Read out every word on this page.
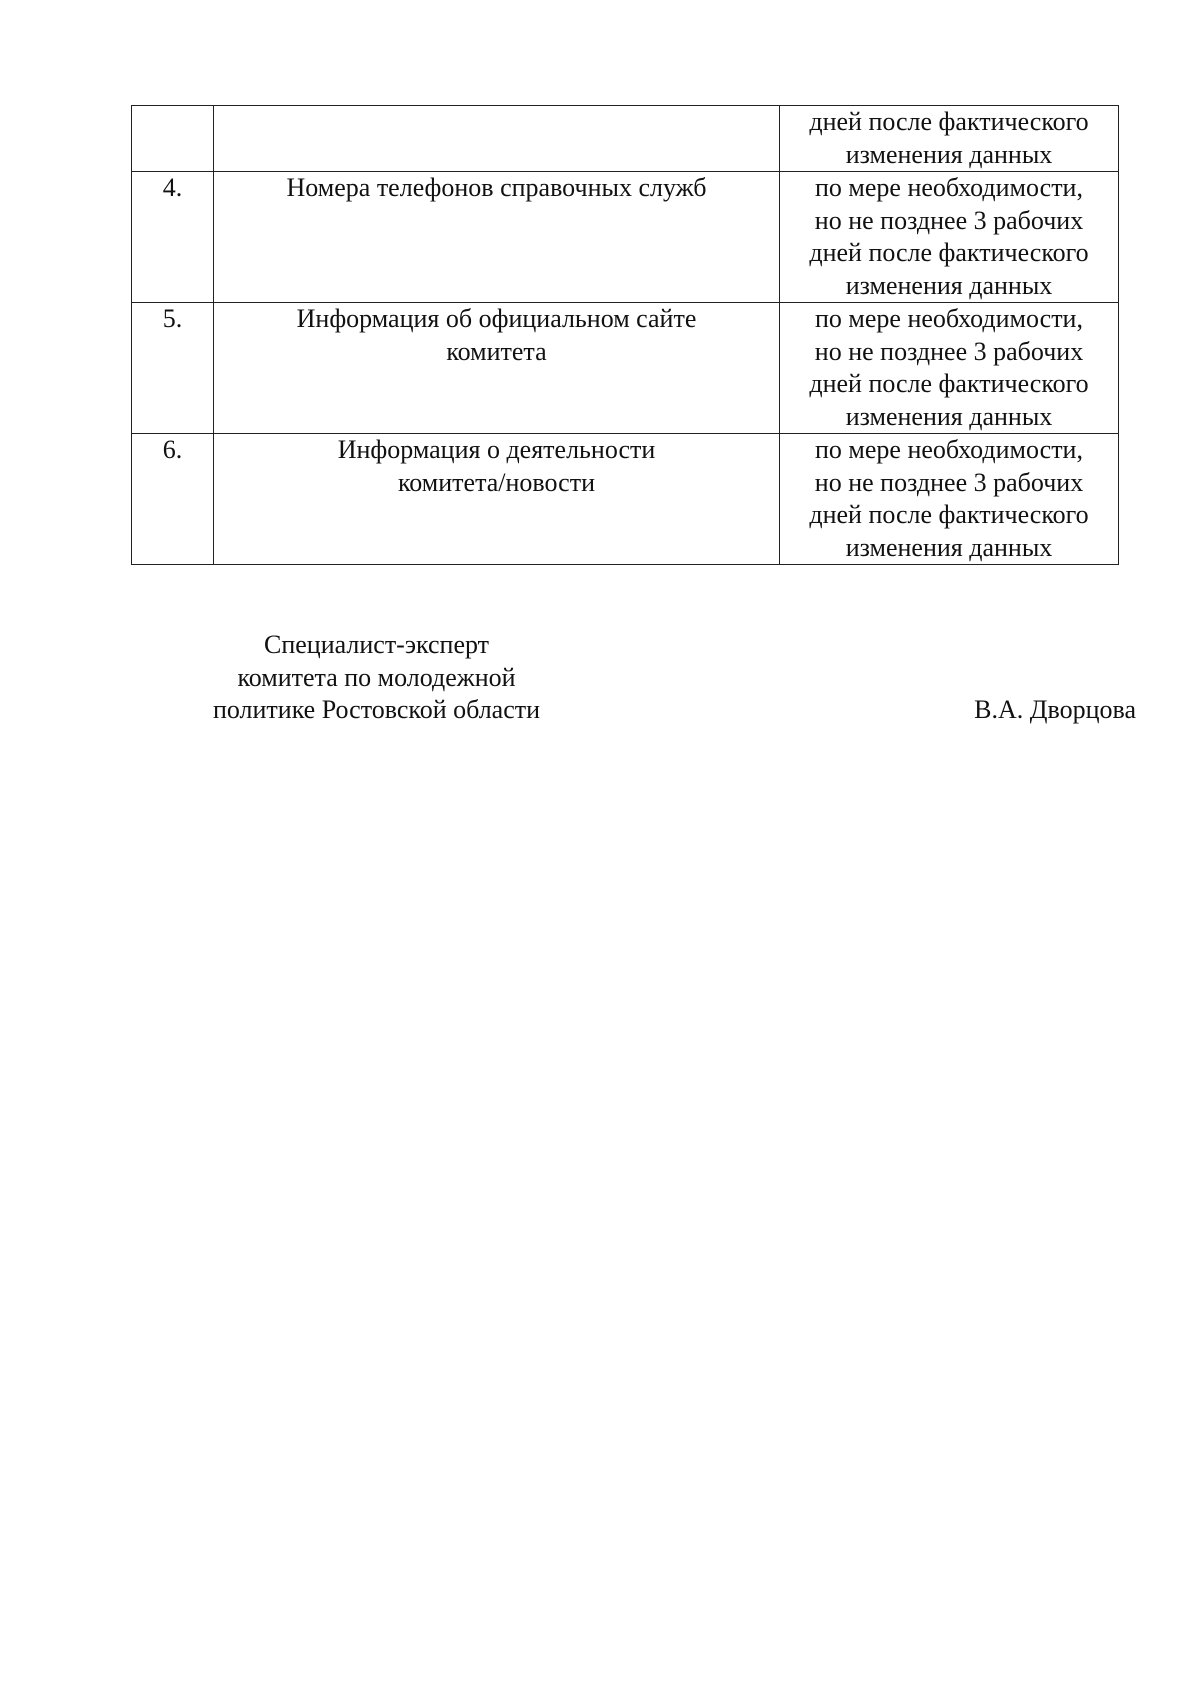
		дней после фактического
изменения данных

4.	Номера телефонов справочных служб	по мере необходимости,
но не позднее 3 рабочих
дней после фактического
изменения данных

5.	Информация об официальном сайте
комитета	по мере необходимости,
но не позднее 3 рабочих
дней после фактического
изменения данных

6.	Информация о деятельности
комитета/новости	по мере необходимости,
но не позднее 3 рабочих
дней после фактического
изменения данных
Специалист-эксперт
комитета по молодежной
политике Ростовской области	В.А. Дворцова
